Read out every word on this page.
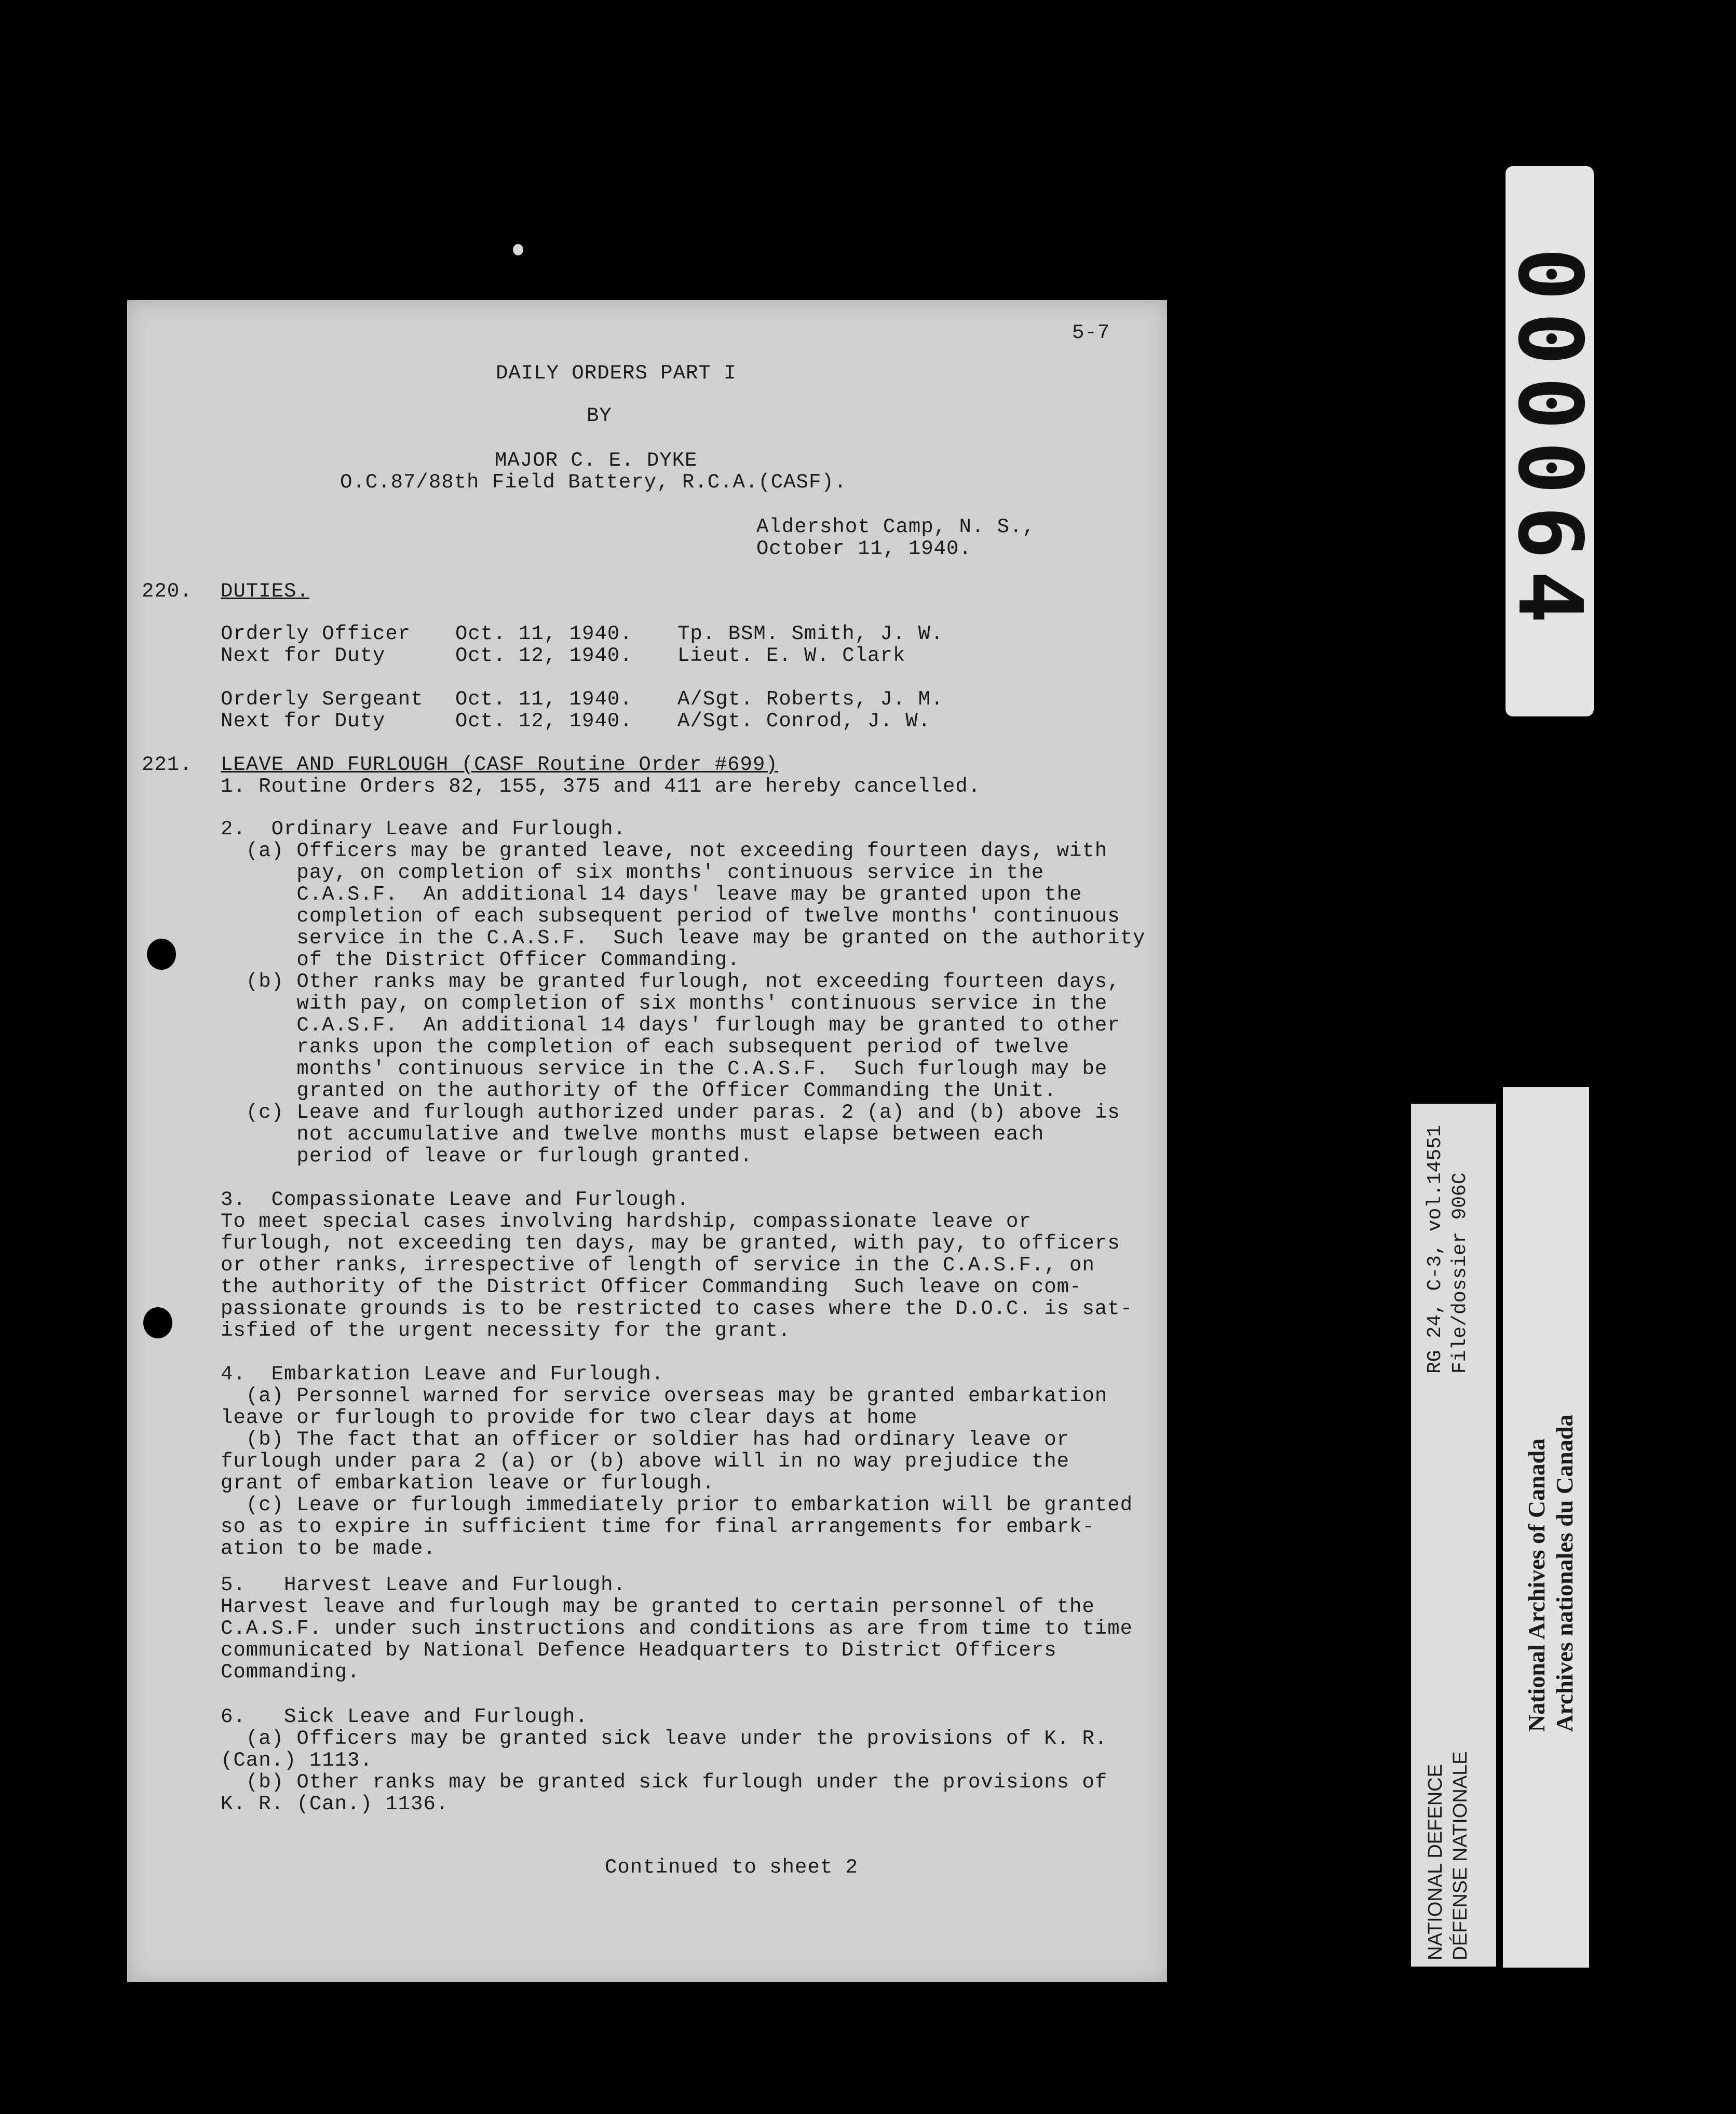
5-7
DAILY ORDERS PART I
BY
MAJOR C. E. DYKE
O.C.87/88th Field Battery, R.C.A.(CASF).
Aldershot Camp, N. S.,
October 11, 1940.
220. DUTIES.
Orderly Officer Oct. 11, 1940. Tp. BSM. Smith, J. W.
Next for Duty	Oct. 12, 1940. Lieut. E. W. Clark
Orderly Sergeant Oct. 11, 1940. A/Sgt. Roberts, J. M.
Next for Duty	Oct. 12, 1940. A/Sgt. Conrod, J. W.
221. LEAVE AND FURLOUGH (CASF Routine Order #699)
1. Routine Orders 82, 155, 375 and 411 are hereby cancelled.
2.  Ordinary Leave and Furlough.
(a) Officers may be granted leave, not exceeding fourteen days, with
pay, on completion of six months' continuous service in the
C.A.S.F.  An additional 14 days' leave may be granted upon the
completion of each subsequent period of twelve months' continuous
service in the C.A.S.F.  Such leave may be granted on the authority
of the District Officer Commanding.
(b) Other ranks may be granted furlough, not exceeding fourteen days,
with pay, on completion of six months' continuous service in the
C.A.S.F.  An additional 14 days' furlough may be granted to other
ranks upon the completion of each subsequent period of twelve
months' continuous service in the C.A.S.F.  Such furlough may be
granted on the authority of the Officer Commanding the Unit.
(c) Leave and furlough authorized under paras. 2 (a) and (b) above is
not accumulative and twelve months must elapse between each
period of leave or furlough granted.
3.  Compassionate Leave and Furlough.
To meet special cases involving hardship, compassionate leave or
furlough, not exceeding ten days, may be granted, with pay, to officers
or other ranks, irrespective of length of service in the C.A.S.F., on
the authority of the District Officer Commanding  Such leave on com-
passionate grounds is to be restricted to cases where the D.O.C. is sat-
isfied of the urgent necessity for the grant.
4.  Embarkation Leave and Furlough.
(a) Personnel warned for service overseas may be granted embarkation
leave or furlough to provide for two clear days at home
(b) The fact that an officer or soldier has had ordinary leave or
furlough under para 2 (a) or (b) above will in no way prejudice the
grant of embarkation leave or furlough.
(c) Leave or furlough immediately prior to embarkation will be granted
so as to expire in sufficient time for final arrangements for embark-
ation to be made.
5.   Harvest Leave and Furlough.
Harvest leave and furlough may be granted to certain personnel of the
C.A.S.F. under such instructions and conditions as are from time to time
communicated by National Defence Headquarters to District Officers
Commanding.
6.   Sick Leave and Furlough.
(a) Officers may be granted sick leave under the provisions of K. R.
(Can.) 1113.
(b) Other ranks may be granted sick furlough under the provisions of
K. R. (Can.) 1136.
Continued to sheet 2
000064
RG 24, C-3, vol.14551 File/dossier 906C
NATIONAL DEFENCE DÉFENSE NATIONALE
National Archives of Canada Archives nationales du Canada
